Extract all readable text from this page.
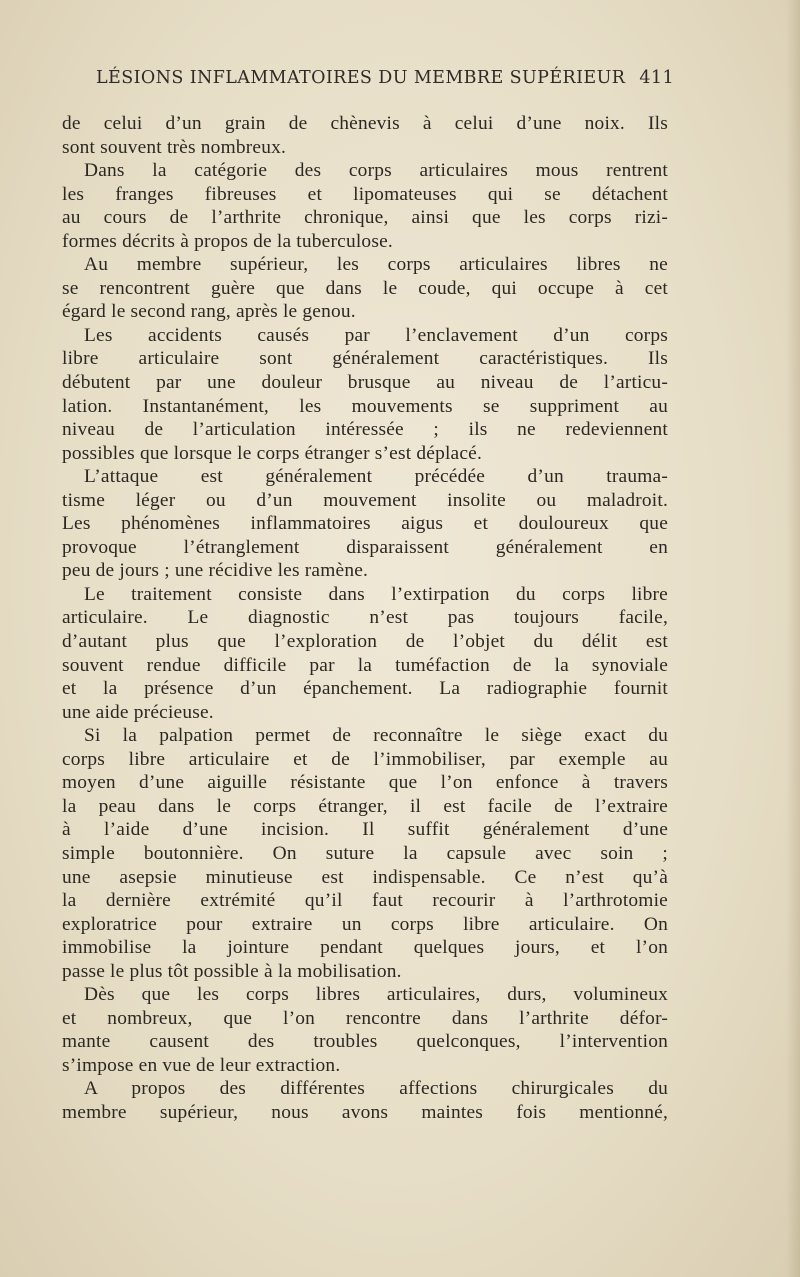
LÉSIONS INFLAMMATOIRES DU MEMBRE SUPÉRIEUR 411

de celui d’un grain de chènevis à celui d’une noix. Ils
sont souvent très nombreux.

Dans la catégorie des corps articulaires mous rentrent
les franges fibreuses et lipomateuses qui se détachent
au cours de l’arthrite chronique, ainsi que les corps rizi-
formes décrits à propos de la tuberculose.

Au membre supérieur, les corps articulaires libres ne
se rencontrent guère que dans le coude, qui occupe à cet
égard le second rang, après le genou.

Les accidents causés par l’enclavement d’un corps
libre articulaire sont généralement caractéristiques. Ils
débutent par une douleur brusque au niveau de l’articu-
lation. Instantanément, les mouvements se suppriment au
niveau de l’articulation intéressée ; ils ne redeviennent
possibles que lorsque le corps étranger s’est déplacé.

L’attaque est généralement précédée d’un trauma-
tisme léger ou d’un mouvement insolite ou maladroit.
Les phénomènes inflammatoires aigus et douloureux que
provoque l’étranglement disparaissent généralement en
peu de jours ; une récidive les ramène.

Le traitement consiste dans l’extirpation du corps libre
articulaire. Le diagnostic n’est pas toujours facile,
d’autant plus que l’exploration de l’objet du délit est
souvent rendue difficile par la tuméfaction de la synoviale
et la présence d’un épanchement. La radiographie fournit
une aide précieuse.

Si la palpation permet de reconnaître le siège exact du
corps libre articulaire et de l’immobiliser, par exemple au
moyen d’une aiguille résistante que l’on enfonce à travers
la peau dans le corps étranger, il est facile de l’extraire
à l’aide d’une incision. Il suffit généralement d’une
simple boutonnière. On suture la capsule avec soin ;
une asepsie minutieuse est indispensable. Ce n’est qu’à
la dernière extrémité qu’il faut recourir à l’arthrotomie
exploratrice pour extraire un corps libre articulaire. On
immobilise la jointure pendant quelques jours, et l’on
passe le plus tôt possible à la mobilisation.

Dès que les corps libres articulaires, durs, volumineux
et nombreux, que l’on rencontre dans l’arthrite défor-
mante causent des troubles quelconques, l’intervention
s’impose en vue de leur extraction.

A propos des différentes affections chirurgicales du
membre supérieur, nous avons maintes fois mentionné,
